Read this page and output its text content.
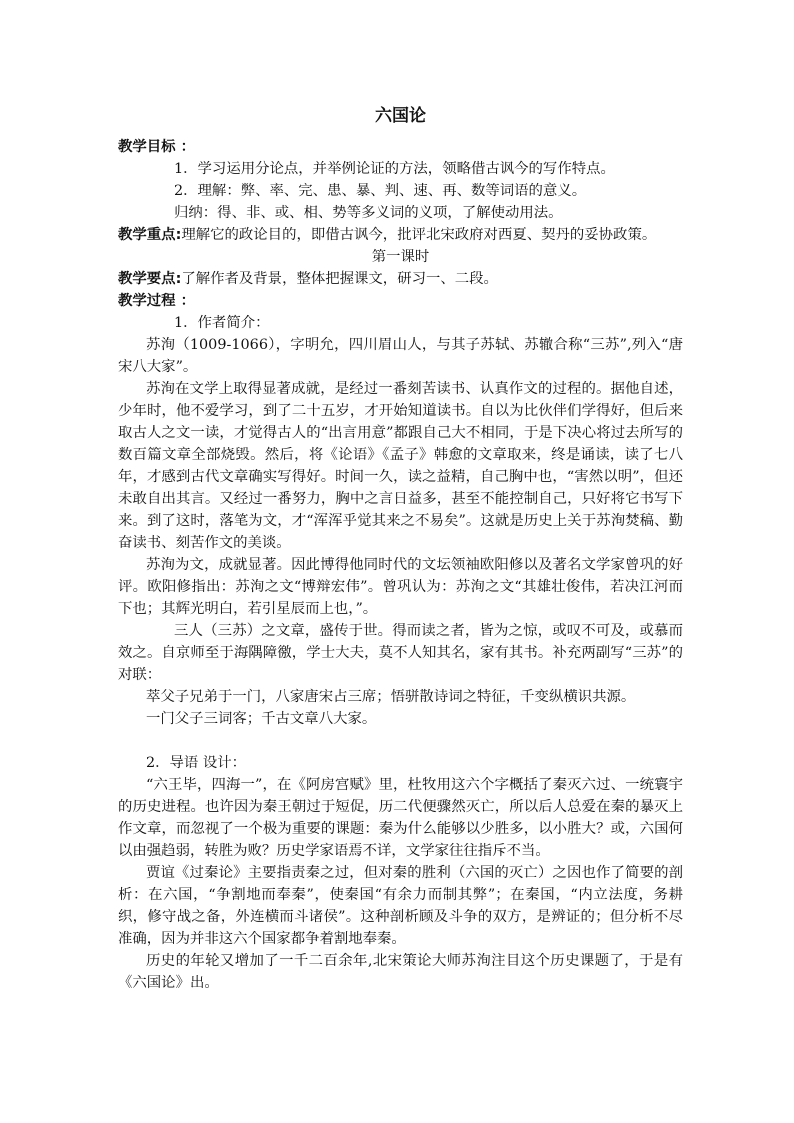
六国论

教学目标 ：

1．学习运用分论点，并举例论证的方法，领略借古讽今的写作特点。

2．理解：弊、率、完、患、暴、判、速、再、数等词语的意义。

归纳：得、非、或、相、势等多义词的义项，了解使动用法。

教学重点:理解它的政论目的，即借古讽今，批评北宋政府对西夏、契丹的妥协政策。

第一课时

教学要点:了解作者及背景，整体把握课文，研习一、二段。

教学过程 ：

1．作者简介：

苏洵（1009-1066），字明允，四川眉山人，与其子苏轼、苏辙合称“三苏”,列入“唐宋八大家”。

苏洵在文学上取得显著成就，是经过一番刻苦读书、认真作文的过程的。据他自述，少年时，他不爱学习，到了二十五岁，才开始知道读书。自以为比伙伴们学得好，但后来取古人之文一读，才觉得古人的“出言用意”都跟自己大不相同，于是下决心将过去所写的数百篇文章全部烧毁。然后，将《论语》《孟子》韩愈的文章取来，终是诵读，读了七八年，才感到古代文章确实写得好。时间一久，读之益精，自己胸中也，“害然以明”，但还未敢自出其言。又经过一番努力，胸中之言日益多，甚至不能控制自己，只好将它书写下来。到了这时，落笔为文，才“浑浑乎觉其来之不易矣”。这就是历史上关于苏洵焚稿、勤奋读书、刻苦作文的美谈。

苏洵为文，成就显著。因此博得他同时代的文坛领袖欧阳修以及著名文学家曾巩的好评。欧阳修指出：苏洵之文“博辩宏伟”。曾巩认为：苏洵之文“其雄壮俊伟，若决江河而下也；其辉光明白，若引星辰而上也，”。

三人（三苏）之文章，盛传于世。得而读之者，皆为之惊，或叹不可及，或慕而效之。自京师至于海隅障徼，学士大夫，莫不人知其名，家有其书。补充两副写“三苏”的对联：

萃父子兄弟于一门，八家唐宋占三席；悟骈散诗词之特征，千变纵横识共源。

一门父子三词客；千古文章八大家。

2．导语 设计：

“六王毕，四海一”，在《阿房宫赋》里，杜牧用这六个字概括了秦灭六过、一统寰宇的历史进程。也许因为秦王朝过于短促，历二代便骤然灭亡，所以后人总爱在秦的暴灭上作文章，而忽视了一个极为重要的课题：秦为什么能够以少胜多，以小胜大？或，六国何以由强趋弱，转胜为败？历史学家语焉不详，文学家往往指斥不当。

贾谊《过秦论》主要指责秦之过，但对秦的胜利（六国的灭亡）之因也作了简要的剖析：在六国，“争割地而奉秦”，使秦国“有余力而制其弊”；在秦国，“内立法度，务耕织，修守战之备，外连横而斗诸侯”。这种剖析顾及斗争的双方，是辨证的；但分析不尽准确，因为并非这六个国家都争着割地奉秦。

历史的年轮又增加了一千二百余年,北宋策论大师苏洵注目这个历史课题了，于是有《六国论》出。
